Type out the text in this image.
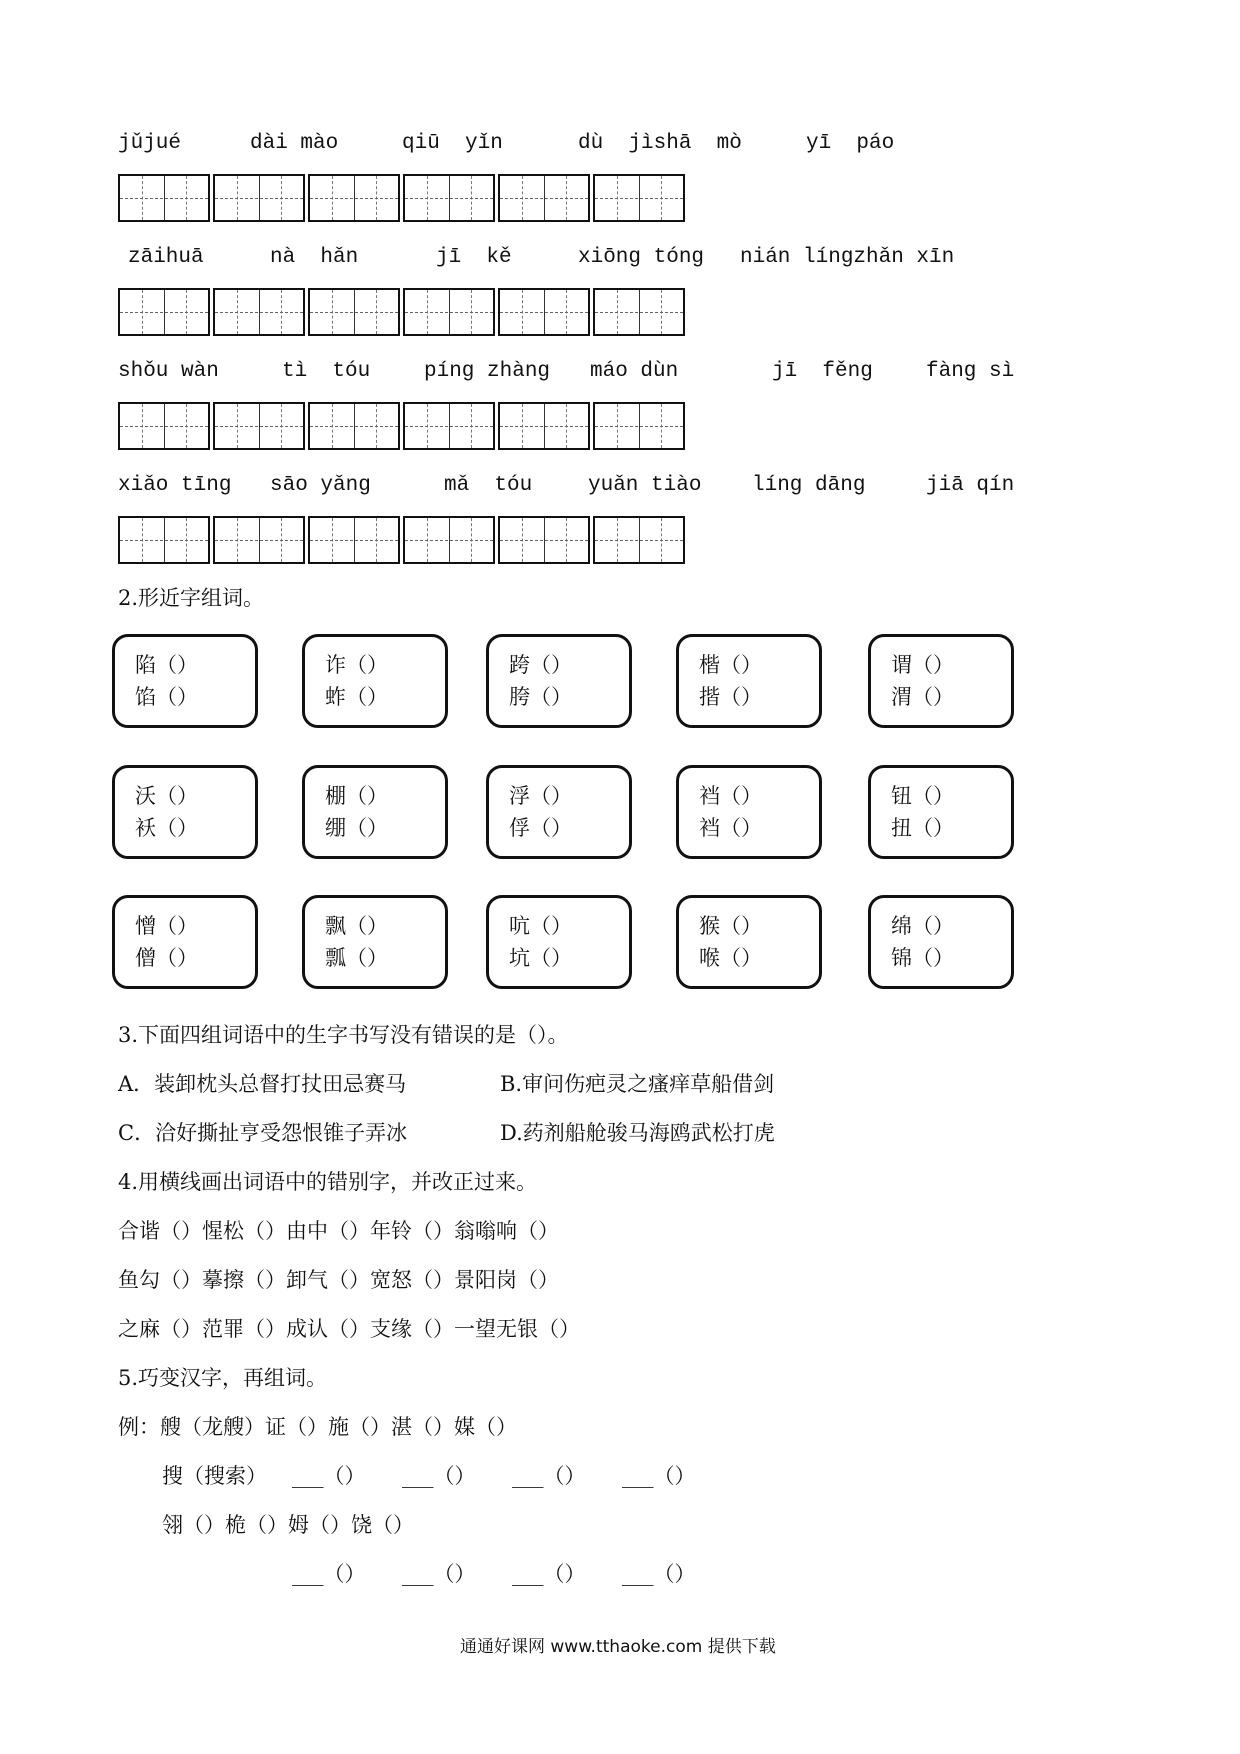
jǔjué	dài mào	qiū  yǐn	dù  jìshā  mò	yī  páo
zāihuā	nà  hǎn	jī  kě	xiōng tóng nián língzhǎn xīn
shǒu wàn	tì  tóu	píng zhàng máo dùn	jī  fěng	fàng sì
xiǎo tīng sāo yǎng	mǎ  tóu	yuǎn tiào líng dāng	jiā qín
2.形近字组词。
陷（）
馅（）
诈（）
蚱（）
跨（）
胯（）
楷（）
揩（）
谓（）
渭（）
沃（）
袄（）
棚（）
绷（）
浮（）
俘（）
裆（）
裆（）
钮（）
扭（）
憎（）
僧（）
飘（）
瓢（）
吭（）
坑（）
猴（）
喉（）
绵（）
锦（）
3.下面四组词语中的生字书写没有错误的是（）。
A．装卸枕头总督打扙田忌赛马	B.审问伤疤灵之瘙痒草船借剑
C．洽好撕扯亨受怨恨锥子弄冰	D.药剂船舱骏马海鸥武松打虎
4.用横线画出词语中的错别字，并改正过来。
合谐（）惺松（）由中（）年铃（）翁嗡响（）
鱼勾（）摹擦（）卸气（）宽怒（）景阳岗（）
之麻（）范罪（）成认（）支缘（）一望无银（）
5.巧变汉字，再组词。
例：艘（龙艘）证（）施（）湛（）媒（）
搜（搜索） ___（） ___（） ___（） ___（）
翎（）桅（）姆（）饶（）
___（） ___（） ___（） ___（）
通通好课网 www.tthaoke.com 提供下载
